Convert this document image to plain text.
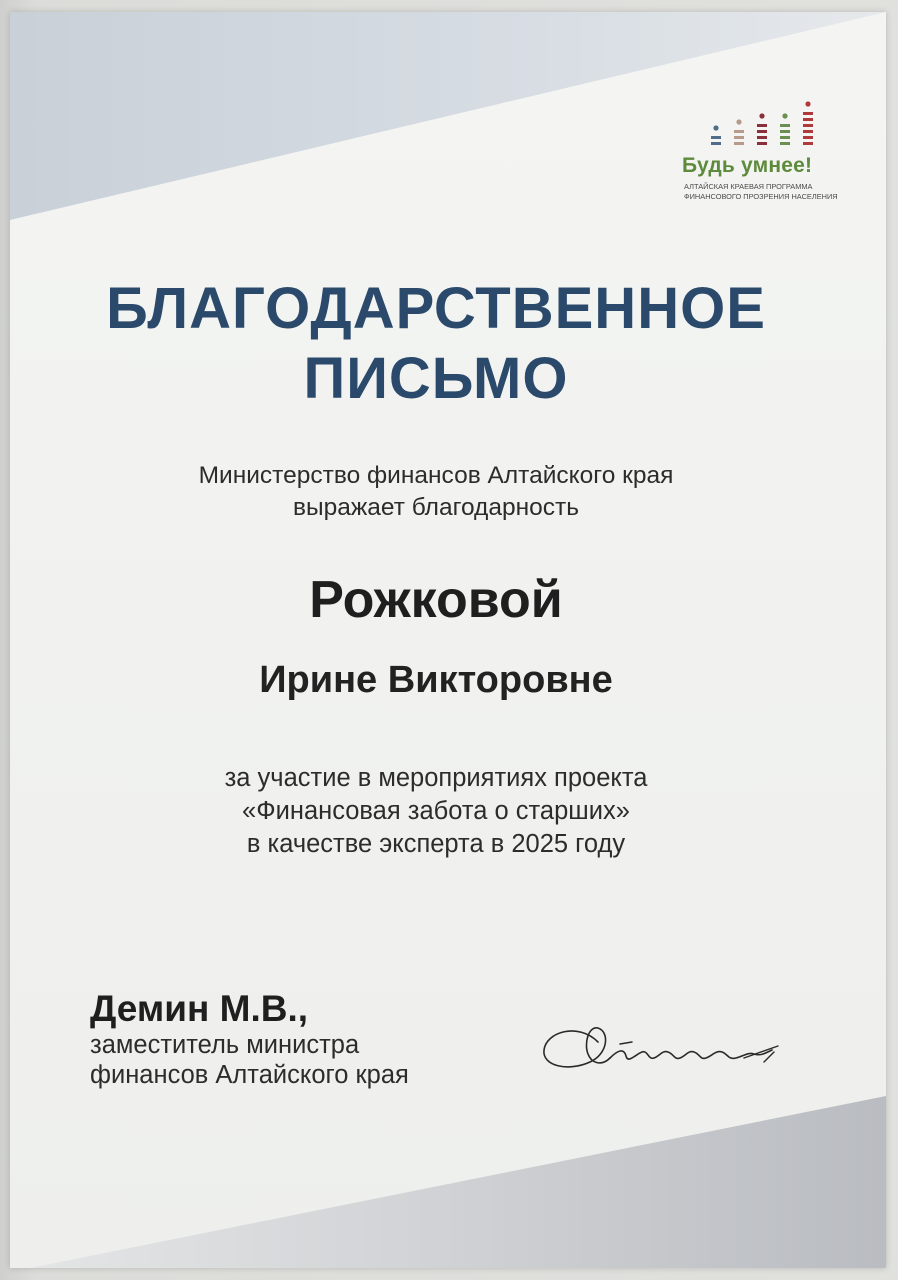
Будь умнее!
АЛТАЙСКАЯ КРАЕВАЯ ПРОГРАММА
ФИНАНСОВОГО ПРОЗРЕНИЯ НАСЕЛЕНИЯ
БЛАГОДАРСТВЕННОЕ
ПИСЬМО
Министерство финансов Алтайского края
выражает благодарность
Рожковой
Ирине Викторовне
за участие в мероприятиях проекта
«Финансовая забота о старших»
в качестве эксперта в 2025 году
Демин М.В.,
заместитель министра
финансов Алтайского края
